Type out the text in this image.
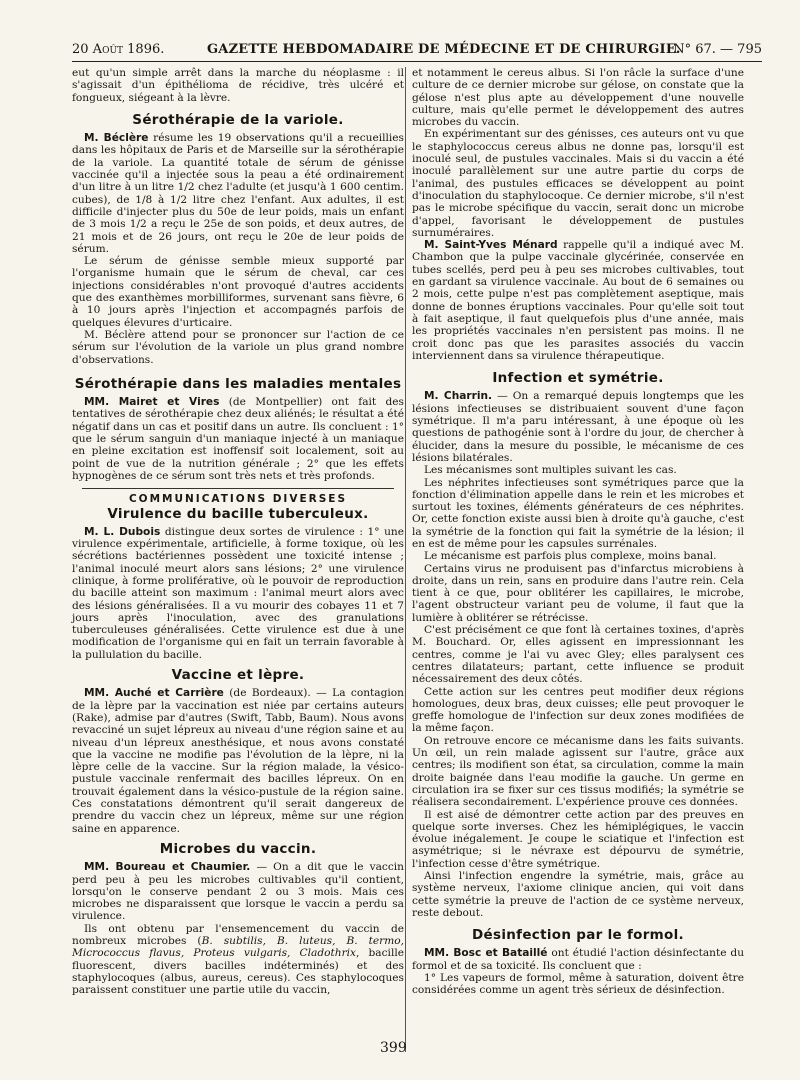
20 Août 1896.	GAZETTE HEBDOMADAIRE DE MÉDECINE ET DE CHIRURGIE.
N° 67. — 795

eut qu'un simple arrêt dans la marche du néoplasme : il s'agissait d'un épithélioma de récidive, très ulcéré et fongueux, siégeant à la lèvre.

Sérothérapie de la variole.

M. Béclère résume les 19 observations qu'il a recueillies dans les hôpitaux de Paris et de Marseille sur la sérothérapie de la variole. La quantité totale de sérum de génisse vaccinée qu'il a injectée sous la peau a été ordinairement d'un litre à un litre 1/2 chez l'adulte (et jusqu'à 1 600 centim. cubes), de 1/8 à 1/2 litre chez l'enfant. Aux adultes, il est difficile d'injecter plus du 50e de leur poids, mais un enfant de 3 mois 1/2 a reçu le 25e de son poids, et deux autres, de 21 mois et de 26 jours, ont reçu le 20e de leur poids de sérum.

Le sérum de génisse semble mieux supporté par l'organisme humain que le sérum de cheval, car ces injections considérables n'ont provoqué d'autres accidents que des exanthèmes morbilliformes, survenant sans fièvre, 6 à 10 jours après l'injection et accompagnés parfois de quelques élevures d'urticaire.

M. Béclère attend pour se prononcer sur l'action de ce sérum sur l'évolution de la variole un plus grand nombre d'observations.

Sérothérapie dans les maladies mentales

MM. Mairet et Vires (de Montpellier) ont fait des tentatives de sérothérapie chez deux aliénés; le résultat a été négatif dans un cas et positif dans un autre. Ils concluent : 1° que le sérum sanguin d'un maniaque injecté à un maniaque en pleine excitation est inoffensif soit localement, soit au point de vue de la nutrition générale ; 2° que les effets hypnogènes de ce sérum sont très nets et très profonds.

COMMUNICATIONS DIVERSES
Virulence du bacille tuberculeux.

M. L. Dubois distingue deux sortes de virulence : 1° une virulence expérimentale, artificielle, à forme toxique, où les sécrétions bactériennes possèdent une toxicité intense ; l'animal inoculé meurt alors sans lésions; 2° une virulence clinique, à forme proliférative, où le pouvoir de reproduction du bacille atteint son maximum : l'animal meurt alors avec des lésions généralisées. Il a vu mourir des cobayes 11 et 7 jours après l'inoculation, avec des granulations tuberculeuses généralisées. Cette virulence est due à une modification de l'organisme qui en fait un terrain favorable à la pullulation du bacille.

Vaccine et lèpre.

MM. Auché et Carrière (de Bordeaux). — La contagion de la lèpre par la vaccination est niée par certains auteurs (Rake), admise par d'autres (Swift, Tabb, Baum). Nous avons revacciné un sujet lépreux au niveau d'une région saine et au niveau d'un lépreux anesthésique, et nous avons constaté que la vaccine ne modifie pas l'évolution de la lèpre, ni la lèpre celle de la vaccine. Sur la région malade, la vésico-pustule vaccinale renfermait des bacilles lépreux. On en trouvait également dans la vésico-pustule de la région saine. Ces constatations démontrent qu'il serait dangereux de prendre du vaccin chez un lépreux, même sur une région saine en apparence.

Microbes du vaccin.

MM. Boureau et Chaumier. — On a dit que le vaccin perd peu à peu les microbes cultivables qu'il contient, lorsqu'on le conserve pendant 2 ou 3 mois. Mais ces microbes ne disparaissent que lorsque le vaccin a perdu sa virulence.

Ils ont obtenu par l'ensemencement du vaccin de nombreux microbes (B. subtilis, B. luteus, B. termo, Micrococcus flavus, Proteus vulgaris, Cladothrix, bacille fluorescent, divers bacilles indéterminés) et des staphylocoques (albus, aureus, cereus). Ces staphylocoques paraissent constituer une partie utile du vaccin,

et notamment le cereus albus. Si l'on râcle la surface d'une culture de ce dernier microbe sur gélose, on constate que la gélose n'est plus apte au développement d'une nouvelle culture, mais qu'elle permet le développement des autres microbes du vaccin.

En expérimentant sur des génisses, ces auteurs ont vu que le staphylococcus cereus albus ne donne pas, lorsqu'il est inoculé seul, de pustules vaccinales. Mais si du vaccin a été inoculé parallèlement sur une autre partie du corps de l'animal, des pustules efficaces se développent au point d'inoculation du staphylocoque. Ce dernier microbe, s'il n'est pas le microbe spécifique du vaccin, serait donc un microbe d'appel, favorisant le développement de pustules surnuméraires.

M. Saint-Yves Ménard rappelle qu'il a indiqué avec M. Chambon que la pulpe vaccinale glycérinée, conservée en tubes scellés, perd peu à peu ses microbes cultivables, tout en gardant sa virulence vaccinale. Au bout de 6 semaines ou 2 mois, cette pulpe n'est pas complètement aseptique, mais donne de bonnes éruptions vaccinales. Pour qu'elle soit tout à fait aseptique, il faut quelquefois plus d'une année, mais les propriétés vaccinales n'en persistent pas moins. Il ne croit donc pas que les parasites associés du vaccin interviennent dans sa virulence thérapeutique.

Infection et symétrie.

M. Charrin. — On a remarqué depuis longtemps que les lésions infectieuses se distribuaient souvent d'une façon symétrique. Il m'a paru intéressant, à une époque où les questions de pathogénie sont à l'ordre du jour, de chercher à élucider, dans la mesure du possible, le mécanisme de ces lésions bilatérales.

Les mécanismes sont multiples suivant les cas.

Les néphrites infectieuses sont symétriques parce que la fonction d'élimination appelle dans le rein et les microbes et surtout les toxines, éléments générateurs de ces néphrites. Or, cette fonction existe aussi bien à droite qu'à gauche, c'est la symétrie de la fonction qui fait la symétrie de la lésion; il en est de même pour les capsules surrénales.

Le mécanisme est parfois plus complexe, moins banal.

Certains virus ne produisent pas d'infarctus microbiens à droite, dans un rein, sans en produire dans l'autre rein. Cela tient à ce que, pour oblitérer les capillaires, le microbe, l'agent obstructeur variant peu de volume, il faut que la lumière à oblitérer se rétrécisse.

C'est précisément ce que font là certaines toxines, d'après M. Bouchard. Or, elles agissent en impressionnant les centres, comme je l'ai vu avec Gley; elles paralysent ces centres dilatateurs; partant, cette influence se produit nécessairement des deux côtés.

Cette action sur les centres peut modifier deux régions homologues, deux bras, deux cuisses; elle peut provoquer le greffe homologue de l'infection sur deux zones modifiées de la même façon.

On retrouve encore ce mécanisme dans les faits suivants. Un œil, un rein malade agissent sur l'autre, grâce aux centres; ils modifient son état, sa circulation, comme la main droite baignée dans l'eau modifie la gauche. Un germe en circulation ira se fixer sur ces tissus modifiés; la symétrie se réalisera secondairement. L'expérience prouve ces données.

Il est aisé de démontrer cette action par des preuves en quelque sorte inverses. Chez les hémiplégiques, le vaccin évolue inégalement. Je coupe le sciatique et l'infection est asymétrique; si le névraxe est dépourvu de symétrie, l'infection cesse d'être symétrique.

Ainsi l'infection engendre la symétrie, mais, grâce au système nerveux, l'axiome clinique ancien, qui voit dans cette symétrie la preuve de l'action de ce système nerveux, reste debout.

Désinfection par le formol.

MM. Bosc et Bataillé ont étudié l'action désinfectante du formol et de sa toxicité. Ils concluent que :

1° Les vapeurs de formol, même à saturation, doivent être considérées comme un agent très sérieux de désinfection.

399
